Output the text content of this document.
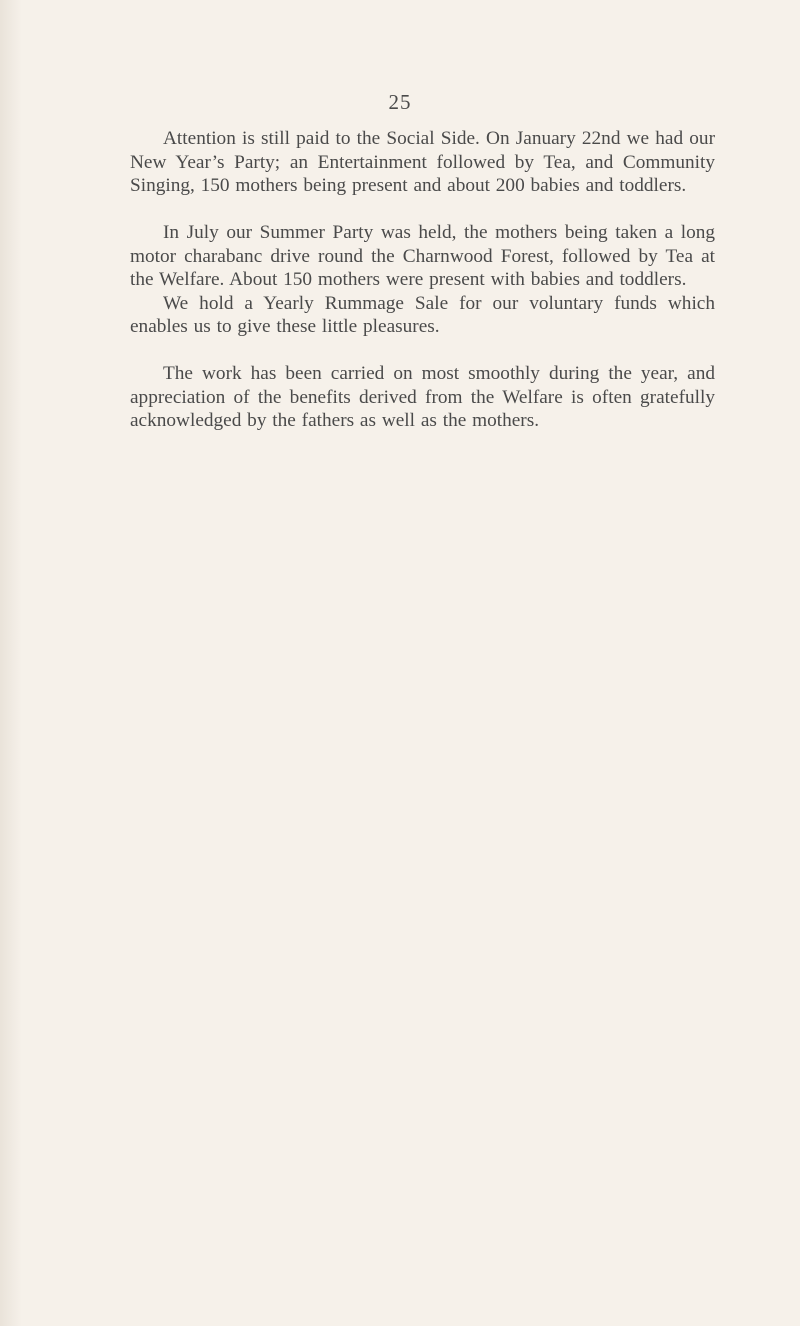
25

Attention is still paid to the Social Side. On January 22nd we had our New Year’s Party; an Entertainment followed by Tea, and Community Singing, 150 mothers being present and about 200 babies and toddlers.

In July our Summer Party was held, the mothers being taken a long motor charabanc drive round the Charnwood Forest, followed by Tea at the Welfare. About 150 mothers were present with babies and toddlers.

We hold a Yearly Rummage Sale for our voluntary funds which enables us to give these little pleasures.

The work has been carried on most smoothly during the year, and appreciation of the benefits derived from the Welfare is often gratefully acknowledged by the fathers as well as the mothers.
